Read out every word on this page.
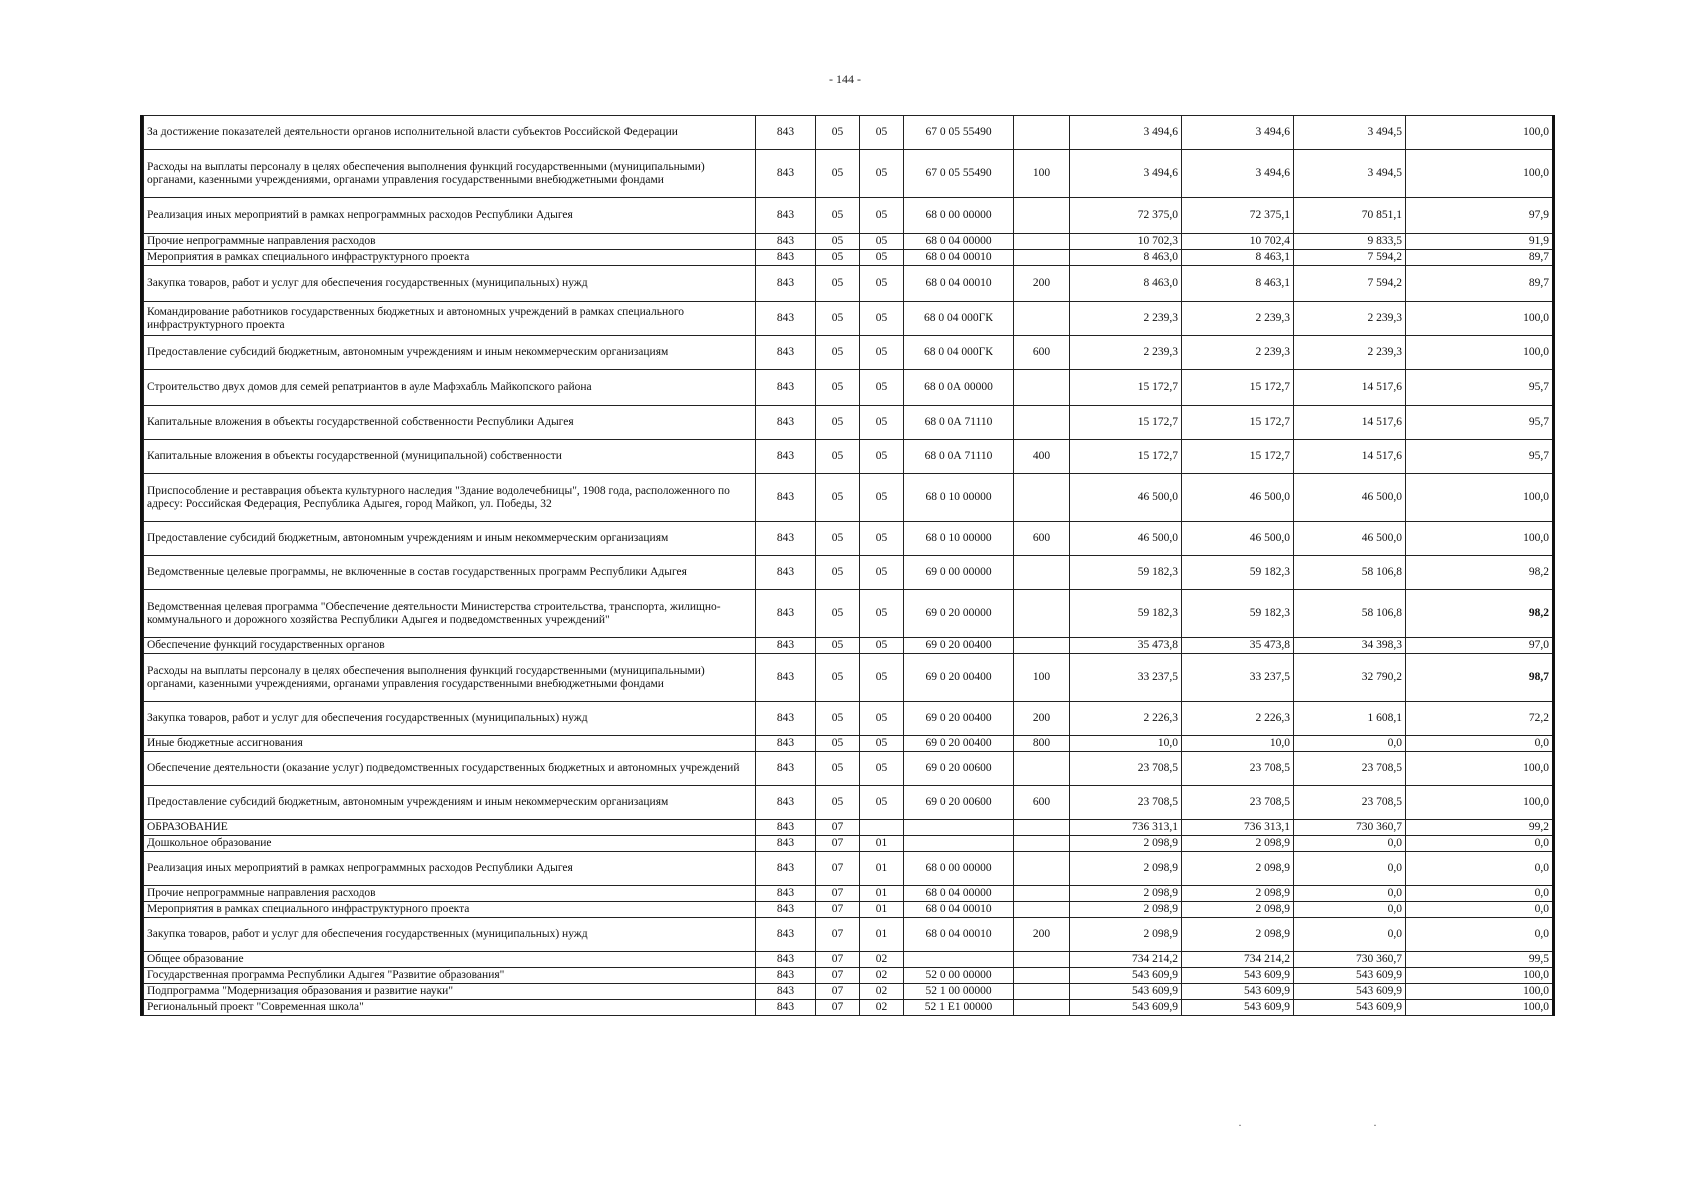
- 144 -
За достижение показателей деятельности органов исполнительной власти субъектов Российской Федерации	843	05	05	67 0 05 55490		3 494,6	3 494,6	3 494,5	100,0
Расходы на выплаты персоналу в целях обеспечения выполнения функций государственными (муниципальными) органами, казенными учреждениями, органами управления государственными внебюджетными фондами	843	05	05	67 0 05 55490	100	3 494,6	3 494,6	3 494,5	100,0
Реализация иных мероприятий в рамках непрограммных расходов Республики Адыгея	843	05	05	68 0 00 00000		72 375,0	72 375,1	70 851,1	97,9
Прочие непрограммные направления расходов	843	05	05	68 0 04 00000		10 702,3	10 702,4	9 833,5	91,9
Мероприятия в рамках специального инфраструктурного проекта	843	05	05	68 0 04 00010		8 463,0	8 463,1	7 594,2	89,7
Закупка товаров, работ и услуг для обеспечения государственных (муниципальных) нужд	843	05	05	68 0 04 00010	200	8 463,0	8 463,1	7 594,2	89,7
Командирование работников государственных бюджетных и автономных учреждений в рамках специального инфраструктурного проекта	843	05	05	68 0 04 000ГК		2 239,3	2 239,3	2 239,3	100,0
Предоставление субсидий бюджетным, автономным учреждениям и иным некоммерческим организациям	843	05	05	68 0 04 000ГК	600	2 239,3	2 239,3	2 239,3	100,0
Строительство двух домов для семей репатриантов в ауле Мафэхабль Майкопского района	843	05	05	68 0 0А 00000		15 172,7	15 172,7	14 517,6	95,7
Капитальные вложения в объекты государственной собственности Республики Адыгея	843	05	05	68 0 0А 71110		15 172,7	15 172,7	14 517,6	95,7
Капитальные вложения в объекты государственной (муниципальной) собственности	843	05	05	68 0 0А 71110	400	15 172,7	15 172,7	14 517,6	95,7
Приспособление и реставрация объекта культурного наследия "Здание водолечебницы", 1908 года, расположенного по адресу: Российская Федерация, Республика Адыгея, город Майкоп, ул. Победы, 32	843	05	05	68 0 10 00000		46 500,0	46 500,0	46 500,0	100,0
Предоставление субсидий бюджетным, автономным учреждениям и иным некоммерческим организациям	843	05	05	68 0 10 00000	600	46 500,0	46 500,0	46 500,0	100,0
Ведомственные целевые программы, не включенные в состав государственных программ Республики Адыгея	843	05	05	69 0 00 00000		59 182,3	59 182,3	58 106,8	98,2
Ведомственная целевая программа "Обеспечение деятельности Министерства строительства, транспорта, жилищно-коммунального и дорожного хозяйства Республики Адыгея и подведомственных учреждений"	843	05	05	69 0 20 00000		59 182,3	59 182,3	58 106,8	98,2
Обеспечение функций государственных органов	843	05	05	69 0 20 00400		35 473,8	35 473,8	34 398,3	97,0
Расходы на выплаты персоналу в целях обеспечения выполнения функций государственными (муниципальными) органами, казенными учреждениями, органами управления государственными внебюджетными фондами	843	05	05	69 0 20 00400	100	33 237,5	33 237,5	32 790,2	98,7
Закупка товаров, работ и услуг для обеспечения государственных (муниципальных) нужд	843	05	05	69 0 20 00400	200	2 226,3	2 226,3	1 608,1	72,2
Иные бюджетные ассигнования	843	05	05	69 0 20 00400	800	10,0	10,0	0,0	0,0
Обеспечение деятельности (оказание услуг) подведомственных государственных бюджетных и автономных учреждений	843	05	05	69 0 20 00600		23 708,5	23 708,5	23 708,5	100,0
Предоставление субсидий бюджетным, автономным учреждениям и иным некоммерческим организациям	843	05	05	69 0 20 00600	600	23 708,5	23 708,5	23 708,5	100,0
ОБРАЗОВАНИЕ	843	07				736 313,1	736 313,1	730 360,7	99,2
Дошкольное образование	843	07	01			2 098,9	2 098,9	0,0	0,0
Реализация иных мероприятий в рамках непрограммных расходов Республики Адыгея	843	07	01	68 0 00 00000		2 098,9	2 098,9	0,0	0,0
Прочие непрограммные направления расходов	843	07	01	68 0 04 00000		2 098,9	2 098,9	0,0	0,0
Мероприятия в рамках специального инфраструктурного проекта	843	07	01	68 0 04 00010		2 098,9	2 098,9	0,0	0,0
Закупка товаров, работ и услуг для обеспечения государственных (муниципальных) нужд	843	07	01	68 0 04 00010	200	2 098,9	2 098,9	0,0	0,0
Общее образование	843	07	02			734 214,2	734 214,2	730 360,7	99,5
Государственная программа Республики Адыгея "Развитие образования"	843	07	02	52 0 00 00000		543 609,9	543 609,9	543 609,9	100,0
Подпрограмма "Модернизация образования и развитие науки"	843	07	02	52 1 00 00000		543 609,9	543 609,9	543 609,9	100,0
Региональный проект "Современная школа"	843	07	02	52 1 Е1 00000		543 609,9	543 609,9	543 609,9	100,0
·	·
